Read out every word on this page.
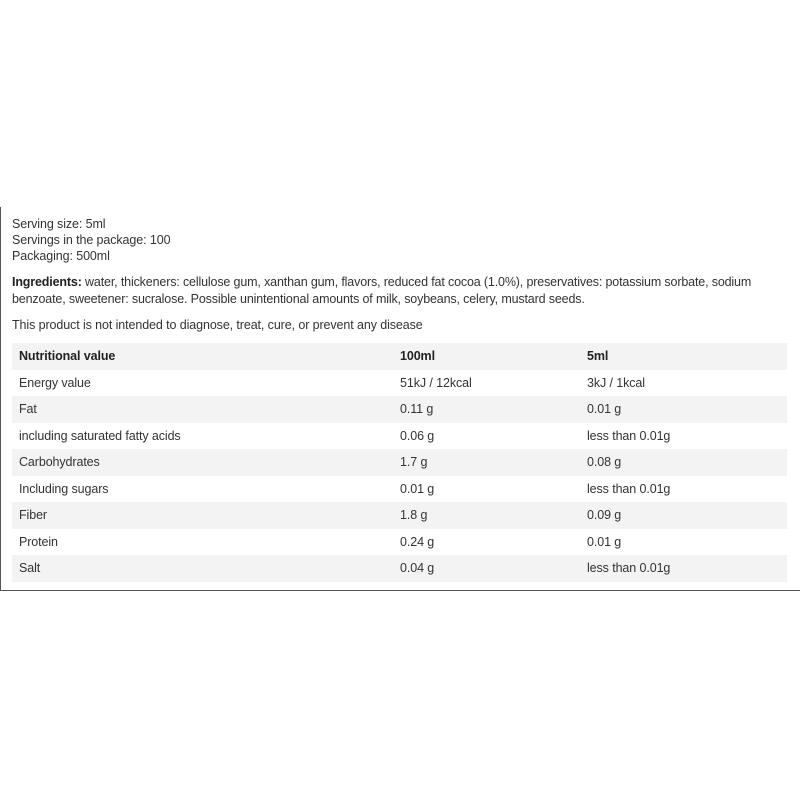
Serving size: 5ml
Servings in the package: 100
Packaging: 500ml
Ingredients: water, thickeners: cellulose gum, xanthan gum, flavors, reduced fat cocoa (1.0%), preservatives: potassium sorbate, sodium benzoate, sweetener: sucralose. Possible unintentional amounts of milk, soybeans, celery, mustard seeds.
This product is not intended to diagnose, treat, cure, or prevent any disease
Nutritional value	100ml	5ml
Energy value	51kJ / 12kcal	3kJ / 1kcal
Fat	0.11 g	0.01 g
including saturated fatty acids	0.06 g	less than 0.01g
Carbohydrates	1.7 g	0.08 g
Including sugars	0.01 g	less than 0.01g
Fiber	1.8 g	0.09 g
Protein	0.24 g	0.01 g
Salt	0.04 g	less than 0.01g
